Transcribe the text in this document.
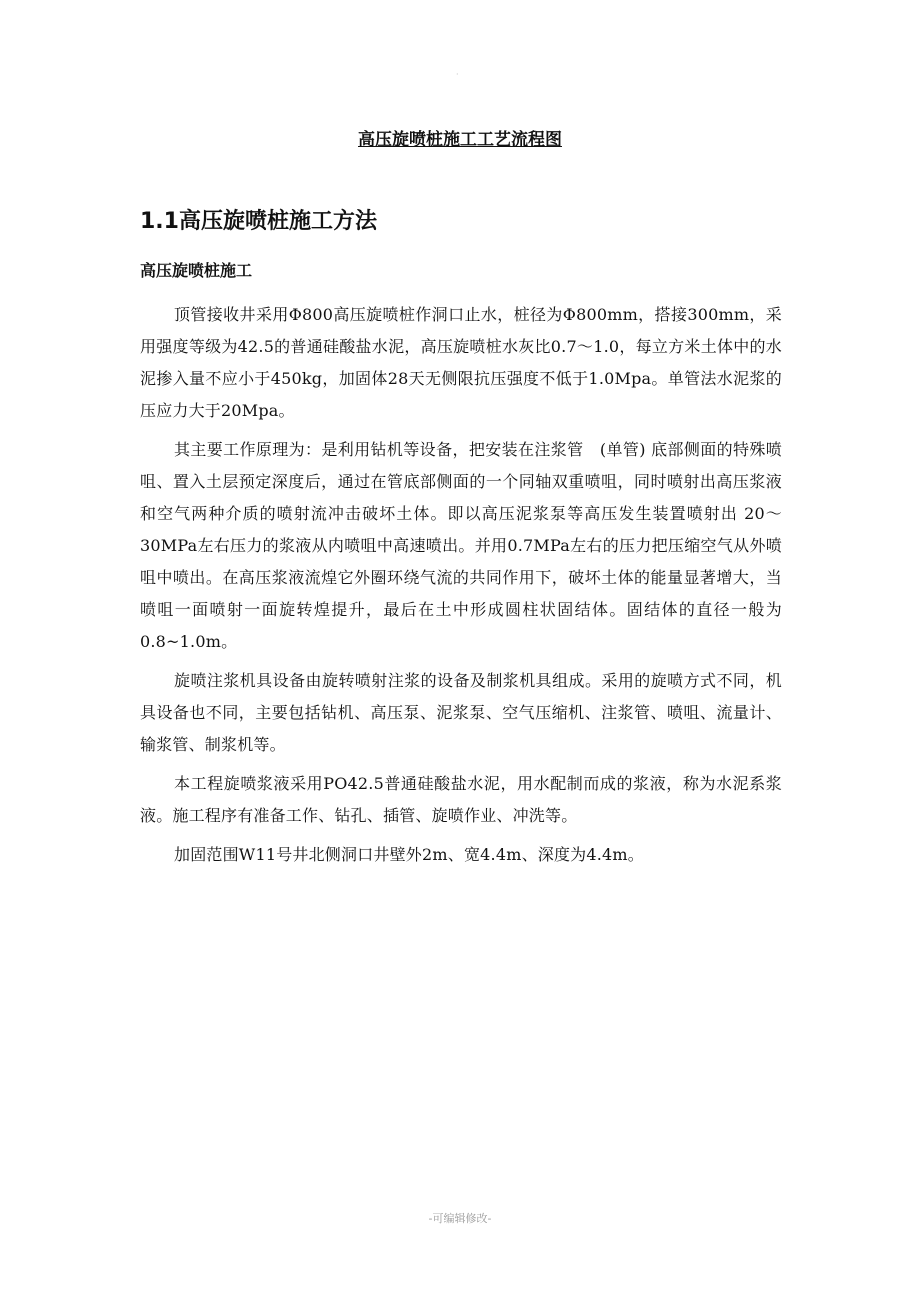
·
高压旋喷桩施工工艺流程图
1.1高压旋喷桩施工方法
高压旋喷桩施工

顶管接收井采用Φ800高压旋喷桩作洞口止水，桩径为Φ800mm，搭接300mm，采用强度等级为42.5的普通硅酸盐水泥，高压旋喷桩水灰比0.7～1.0，每立方米土体中的水泥掺入量不应小于450kg，加固体28天无侧限抗压强度不低于1.0Mpa。单管法水泥浆的压应力大于20Mpa。

其主要工作原理为：是利用钻机等设备，把安装在注浆管　(单管) 底部侧面的特殊喷咀、置入土层预定深度后，通过在管底部侧面的一个同轴双重喷咀，同时喷射出高压浆液和空气两种介质的喷射流冲击破坏土体。即以高压泥浆泵等高压发生装置喷射出 20～30MPa左右压力的浆液从内喷咀中高速喷出。并用0.7MPa左右的压力把压缩空气从外喷咀中喷出。在高压浆液流煌它外圈环绕气流的共同作用下，破坏土体的能量显著增大，当喷咀一面喷射一面旋转煌提升，最后在土中形成圆柱状固结体。固结体的直径一般为 0.8~1.0m。

旋喷注浆机具设备由旋转喷射注浆的设备及制浆机具组成。采用的旋喷方式不同，机具设备也不同，主要包括钻机、高压泵、泥浆泵、空气压缩机、注浆管、喷咀、流量计、输浆管、制浆机等。

本工程旋喷浆液采用PO42.5普通硅酸盐水泥，用水配制而成的浆液，称为水泥系浆液。施工程序有准备工作、钻孔、插管、旋喷作业、冲洗等。

加固范围W11号井北侧洞口井壁外2m、宽4.4m、深度为4.4m。

-可编辑修改-
